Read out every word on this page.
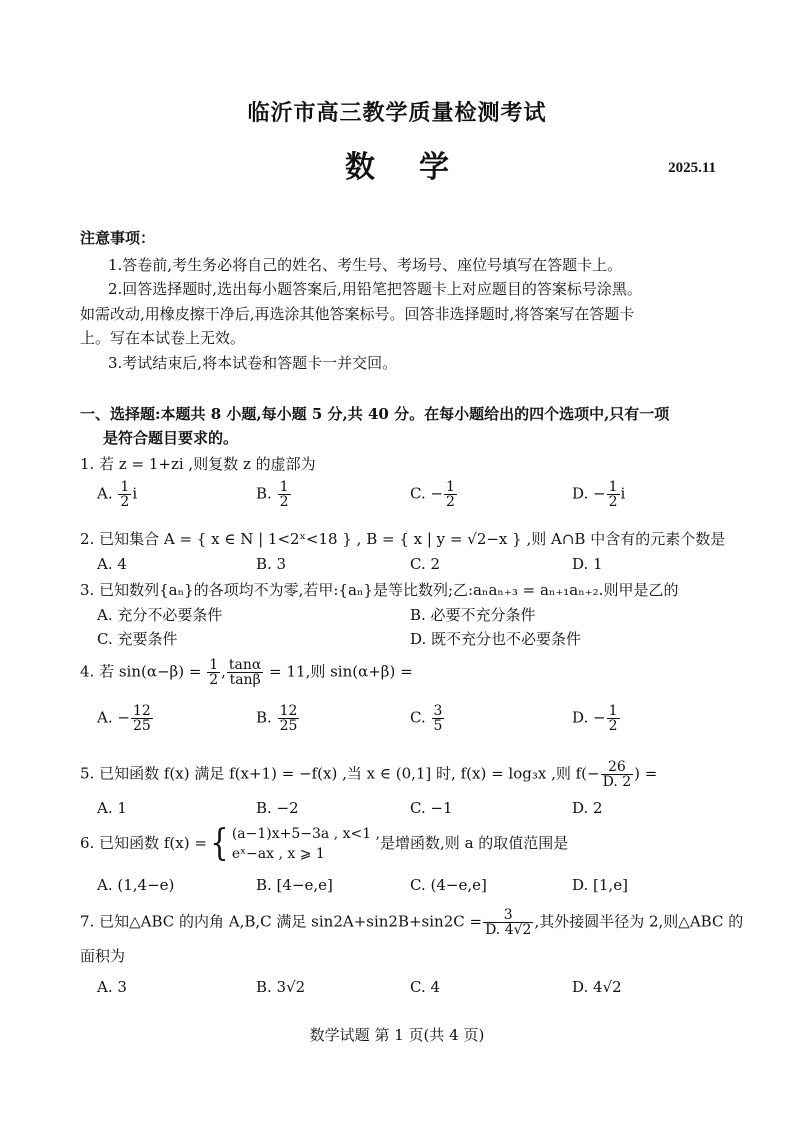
临沂市高三教学质量检测考试
数 学	2025.11
注意事项：
1.答卷前,考生务必将自己的姓名、考生号、考场号、座位号填写在答题卡上。
2.回答选择题时,选出每小题答案后,用铅笔把答题卡上对应题目的答案标号涂黑。
如需改动,用橡皮擦干净后,再选涂其他答案标号。回答非选择题时,将答案写在答题卡
上。写在本试卷上无效。
3.考试结束后,将本试卷和答题卡一并交回。
一、选择题:本题共 8 小题,每小题 5 分,共 40 分。在每小题给出的四个选项中,只有一项
是符合题目要求的。
1. 若 z = 1+zi ,则复数 z 的虚部为
A. $\frac{1}{2}$ i	B. $\frac{1}{2}$	C. − $\frac{1}{2}$	D. − $\frac{1}{2}$ i
2. 已知集合 A = { x ∈ N | 1<2ˣ<18 } , B = { x | y = √2−x } ,则 A∩B 中含有的元素个数是
A. 4	B. 3	C. 2	D. 1
3. 已知数列{aₙ}的各项均不为零,若甲:{aₙ}是等比数列;乙:aₙaₙ₊₃ = aₙ₊₁aₙ₊₂.则甲是乙的
A. 充分不必要条件	B. 必要不充分条件
C. 充要条件	D. 既不充分也不必要条件
4. 若 $\sin(\alpha-\beta) = \frac{1}{2}$ , $\frac{\tan\alpha}{\tan\beta} = 11$,则 sin(α+β) =
A. − $\frac{12}{25}$	B. $\frac{12}{25}$	C. $\frac{3}{5}$	D. − $\frac{1}{2}$
5. 已知函数 f(x) 满足 f(x+1) = −f(x) ,当 x ∈ (0,1] 时, f(x) = log₃x ,则 $f(- \frac{26}{D. 2}$ ) =
A. 1	B. −2	C. −1	D. 2
6. 已知函数 f(x) ={ (a−1)x+5−3a , x<1 ,
eˣ−ax , x ⩾ 1
是增函数,则 a 的取值范围是
A. (1,4−e)	B. [4−e,e]	C. (4−e,e]	D. [1,e]
7. 已知△ABC 的内角 A,B,C 满足 $\sin 2A+\sin 2B+\sin 2C = \frac{3}{D. 4√2}$ ,其外接圆半径为 2,则△ABC 的
面积为
A. 3	B. 3√2	C. 4	D. 4√2
数学试题 第 1 页(共 4 页)
